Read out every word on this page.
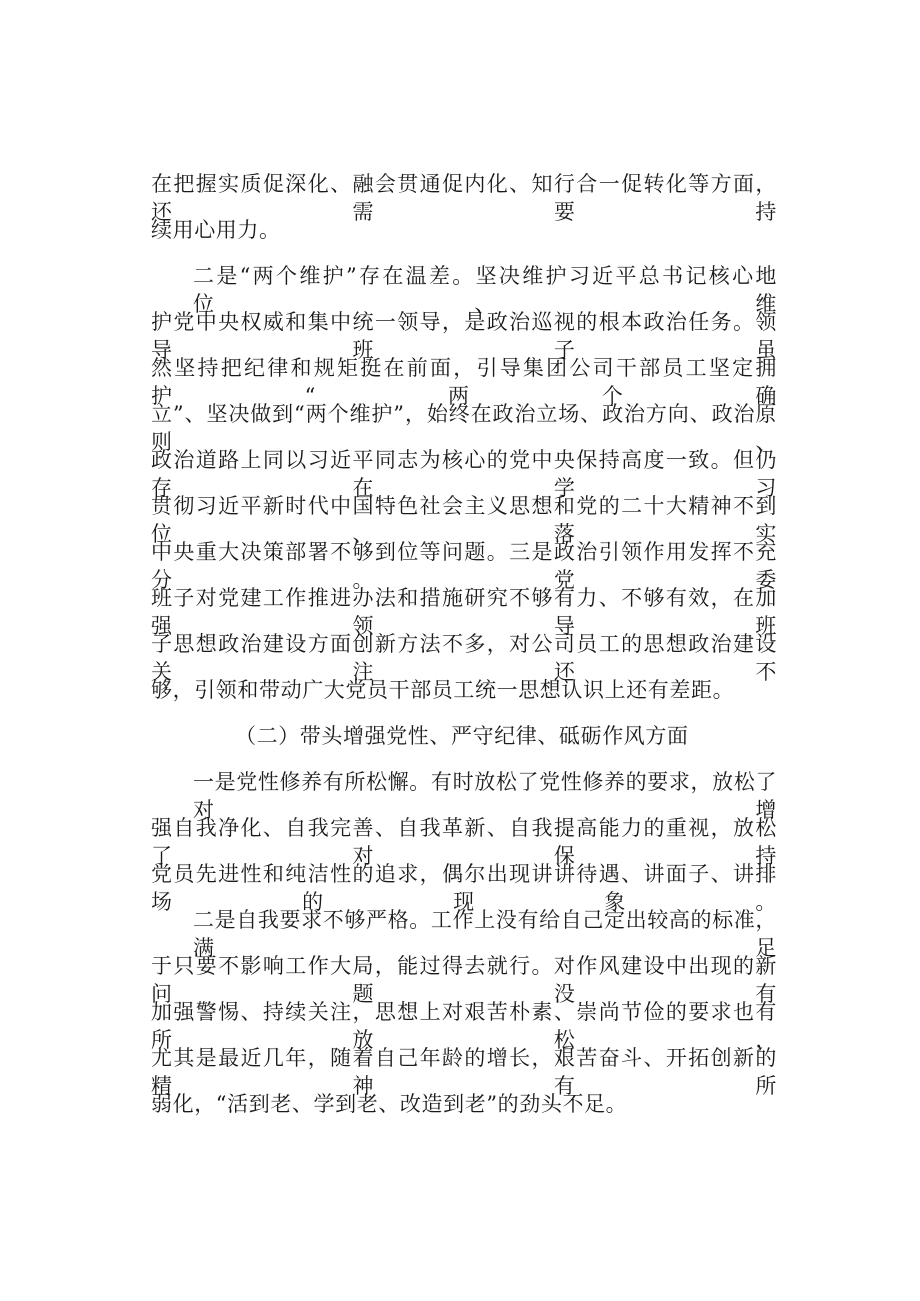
在把握实质促深化、融会贯通促内化、知行合一促转化等方面，还需要持
续用心用力。
二是“两个维护”存在温差。坚决维护习近平总书记核心地位、维
护党中央权威和集中统一领导，是政治巡视的根本政治任务。领导班子虽
然坚持把纪律和规矩挺在前面，引导集团公司干部员工坚定拥护“两个确
立”、坚决做到“两个维护”，始终在政治立场、政治方向、政治原则、
政治道路上同以习近平同志为核心的党中央保持高度一致。但仍存在学习
贯彻习近平新时代中国特色社会主义思想和党的二十大精神不到位、落实
中央重大决策部署不够到位等问题。三是政治引领作用发挥不充分。党委
班子对党建工作推进办法和措施研究不够有力、不够有效，在加强领导班
子思想政治建设方面创新方法不多，对公司员工的思想政治建设关注还不
够，引领和带动广大党员干部员工统一思想认识上还有差距。
（二）带头增强党性、严守纪律、砥砺作风方面
一是党性修养有所松懈。有时放松了党性修养的要求，放松了对增
强自我净化、自我完善、自我革新、自我提高能力的重视，放松了对保持
党员先进性和纯洁性的追求，偶尔出现讲讲待遇、讲面子、讲排场的现象。
二是自我要求不够严格。工作上没有给自己定出较高的标准，满足
于只要不影响工作大局，能过得去就行。对作风建设中出现的新问题没有
加强警惕、持续关注，思想上对艰苦朴素、崇尚节俭的要求也有所放松，
尤其是最近几年，随着自己年龄的增长，艰苦奋斗、开拓创新的精神有所
弱化，“活到老、学到老、改造到老”的劲头不足。
